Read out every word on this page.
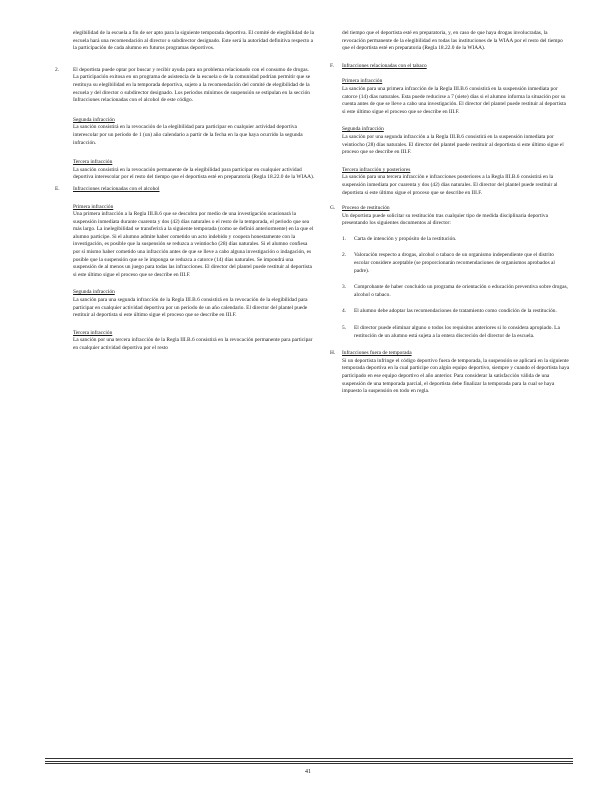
elegibilidad de la escuela a fin de ser apto para la siguiente temporada deportiva. El comité de elegibilidad de la escuela hará una recomendación al director o subdirector designado. Este será la autoridad definitiva respecto a la participación de cada alumno en futuros programas deportivos.

2.	El deportista puede optar por buscar y recibir ayuda para un problema relacionado con el consumo de drogas. La participación exitosa en un programa de asistencia de la escuela o de la comunidad podrían permitir que se restituya su elegibilidad en la temporada deportiva, sujeto a la recomendación del comité de elegibilidad de la escuela y del director o subdirector designado. Los periodos mínimos de suspensión se estipulan en la sección Infracciones relacionadas con el alcohol de este código.
Segunda infracción

La sanción consistirá en la revocación de la elegibilidad para participar en cualquier actividad deportiva interescolar por un periodo de 1 (un) año calendario a partir de la fecha en la que haya ocurrido la segunda infracción.

Tercera infracción

La sanción consistirá en la revocación permanente de la elegibilidad para participar en cualquier actividad deportiva interescolar por el resto del tiempo que el deportista esté en preparatoria (Regla 18.22.0 de la WIAA).

E. Infracciones relacionadas con el alcohol
Primera infracción

Una primera infracción a la Regla III.B.6 que se descubra por medio de una investigación ocasionará la suspensión inmediata durante cuarenta y dos (42) días naturales o el resto de la temporada, el periodo que sea más largo. La inelegibilidad se transferirá a la siguiente temporada (como se definió anteriormente) en la que el alumno participe. Si el alumno admite haber cometido un acto indebido y coopera honestamente con la investigación, es posible que la suspensión se reduzca a veintiocho (28) días naturales. Si el alumno confiesa por sí mismo haber cometido una infracción antes de que se lleve a cabo alguna investigación o indagación, es posible que la suspensión que se le imponga se reduzca a catorce (14) días naturales. Se impondrá una suspensión de al menos un juego para todas las infracciones. El director del plantel puede restituir al deportista si este último sigue el proceso que se describe en III.F.

Segunda infracción

La sanción para una segunda infracción de la Regla III.B.6 consistirá en la revocación de la elegibilidad para participar en cualquier actividad deportiva por un periodo de un año calendario. El director del plantel puede restituir al deportista si este último sigue el proceso que se describe en III.F.

Tercera infracción

La sanción por una tercera infracción de la Regla III.B.6 consistirá en la revocación permanente para participar en cualquier actividad deportiva por el resto

del tiempo que el deportista esté en preparatoria, y, en caso de que haya drogas involucradas, la revocación permanente de la elegibilidad en todas las instituciones de la WIAA por el resto del tiempo que el deportista esté en preparatoria (Regla 18.22.0 de la WIAA).

F. Infracciones relacionadas con el tabaco
Primera infracción

La sanción para una primera infracción de la Regla III.B.6 consistirá en la suspensión inmediata por catorce (14) días naturales. Esta puede reducirse a 7 (siete) días si el alumno informa la situación por su cuenta antes de que se lleve a cabo una investigación. El director del plantel puede restituir al deportista si este último sigue el proceso que se describe en III.F.

Segunda infracción

La sanción por una segunda infracción a la Regla III.B.6 consistirá en la suspensión inmediata por veintiocho (28) días naturales. El director del plantel puede restituir al deportista si este último sigue el proceso que se describe en III.F.

Tercera infracción y posteriores

La sanción para una tercera infracción e infracciones posteriores a la Regla III.B.6 consistirá en la suspensión inmediata por cuarenta y dos (42) días naturales. El director del plantel puede restituir al deportista si este último sigue el proceso que se describe en III.F.

G. Proceso de restitución

Un deportista puede solicitar su restitución tras cualquier tipo de medida disciplinaria deportiva presentando los siguientes documentos al director:

1. Carta de intención y propósito de la restitución.
2. Valoración respecto a drogas, alcohol o tabaco de un organismo independiente que el distrito escolar considere aceptable (se proporcionarán recomendaciones de organismos aprobados al padre).
3. Comprobante de haber concluido un programa de orientación o educación preventiva sobre drogas, alcohol o tabaco.
4. El alumno debe adoptar las recomendaciones de tratamiento como condición de la restitución.
5. El director puede eliminar alguno o todos los requisitos anteriores si lo considera apropiado. La restitución de un alumno está sujeta a la entera discreción del director de la escuela.
H. Infracciones fuera de temporada

Si un deportista infringe el código deportivo fuera de temporada, la suspensión se aplicará en la siguiente temporada deportiva en la cual participe con algún equipo deportivo, siempre y cuando el deportista haya participado en ese equipo deportivo el año anterior. Para considerar la satisfacción válida de una suspensión de una temporada parcial, el deportista debe finalizar la temporada para la cual se haya impuesto la suspensión en todo en regla.

41
